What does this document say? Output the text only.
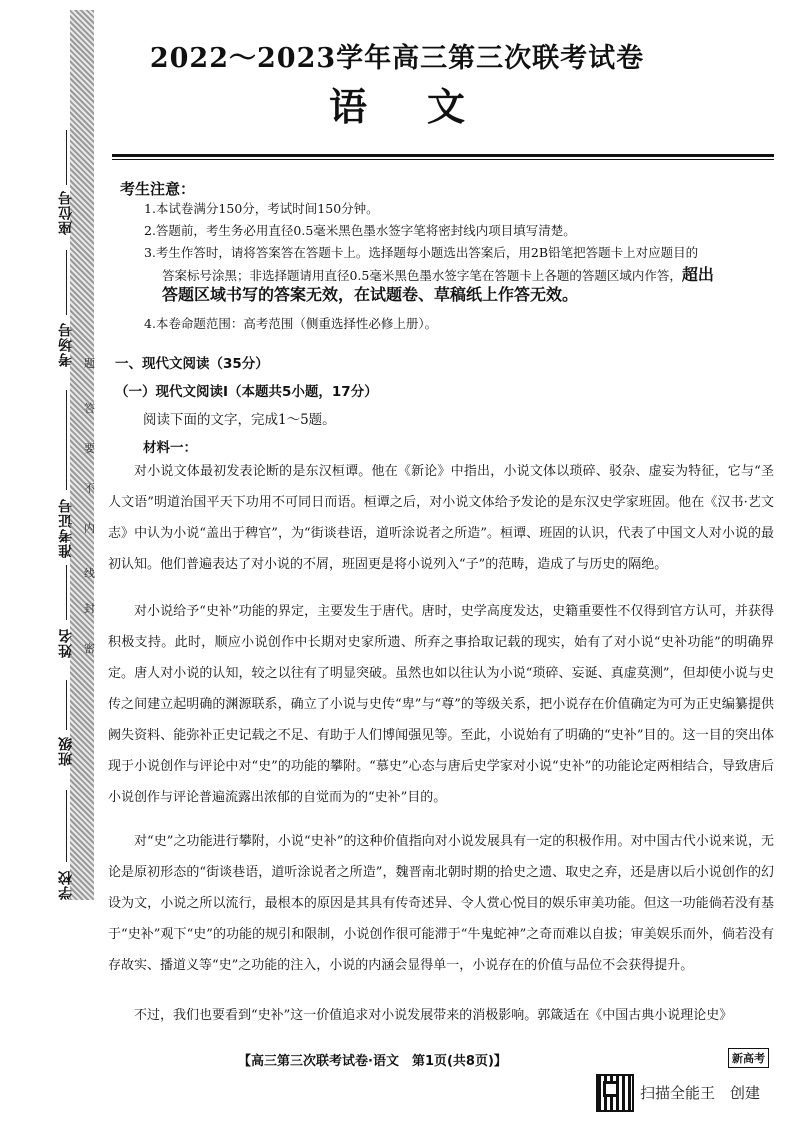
座位号
考场号
准考证号
姓名
班级
学校
题
答
要
不
内
线
封
密
2022～2023学年高三第三次联考试卷
语文
考生注意：
1.本试卷满分150分，考试时间150分钟。
2.答题前，考生务必用直径0.5毫米黑色墨水签字笔将密封线内项目填写清楚。
3.考生作答时，请将答案答在答题卡上。选择题每小题选出答案后，用2B铅笔把答题卡上对应题目的
答案标号涂黑；非选择题请用直径0.5毫米黑色墨水签字笔在答题卡上各题的答题区域内作答，超出
答题区域书写的答案无效，在试题卷、草稿纸上作答无效。
4.本卷命题范围：高考范围（侧重选择性必修上册）。
一、现代文阅读（35分）
（一）现代文阅读Ⅰ（本题共5小题，17分）
阅读下面的文字，完成1～5题。
材料一：
对小说文体最初发表论断的是东汉桓谭。他在《新论》中指出，小说文体以琐碎、驳杂、虚妄为特征，它与“圣人文语”明道治国平天下功用不可同日而语。桓谭之后，对小说文体给予发论的是东汉史学家班固。他在《汉书·艺文志》中认为小说“盖出于稗官”，为“街谈巷语，道听涂说者之所造”。桓谭、班固的认识，代表了中国文人对小说的最初认知。他们普遍表达了对小说的不屑，班固更是将小说列入“子”的范畴，造成了与历史的隔绝。
对小说给予“史补”功能的界定，主要发生于唐代。唐时，史学高度发达，史籍重要性不仅得到官方认可，并获得积极支持。此时，顺应小说创作中长期对史家所遗、所弃之事拾取记载的现实，始有了对小说“史补功能”的明确界定。唐人对小说的认知，较之以往有了明显突破。虽然也如以往认为小说“琐碎、妄诞、真虚莫测”，但却使小说与史传之间建立起明确的渊源联系，确立了小说与史传“卑”与“尊”的等级关系，把小说存在价值确定为可为正史编纂提供阙失资料、能弥补正史记载之不足、有助于人们博闻强见等。至此，小说始有了明确的“史补”目的。这一目的突出体现于小说创作与评论中对“史”的功能的攀附。“慕史”心态与唐后史学家对小说“史补”的功能论定两相结合，导致唐后小说创作与评论普遍流露出浓郁的自觉而为的“史补”目的。
对“史”之功能进行攀附，小说“史补”的这种价值指向对小说发展具有一定的积极作用。对中国古代小说来说，无论是原初形态的“街谈巷语，道听涂说者之所造”，魏晋南北朝时期的拾史之遗、取史之弃，还是唐以后小说创作的幻设为文，小说之所以流行，最根本的原因是其具有传奇述异、令人赏心悦目的娱乐审美功能。但这一功能倘若没有基于“史补”观下“史”的功能的规引和限制，小说创作很可能滞于“牛鬼蛇神”之奇而难以自拔；审美娱乐而外，倘若没有存故实、播道义等“史”之功能的注入，小说的内涵会显得单一，小说存在的价值与品位不会获得提升。
不过，我们也要看到“史补”这一价值追求对小说发展带来的消极影响。郭箴适在《中国古典小说理论史》
【高三第三次联考试卷·语文　第1页(共8页)】	新高考
扫描全能王　创建
